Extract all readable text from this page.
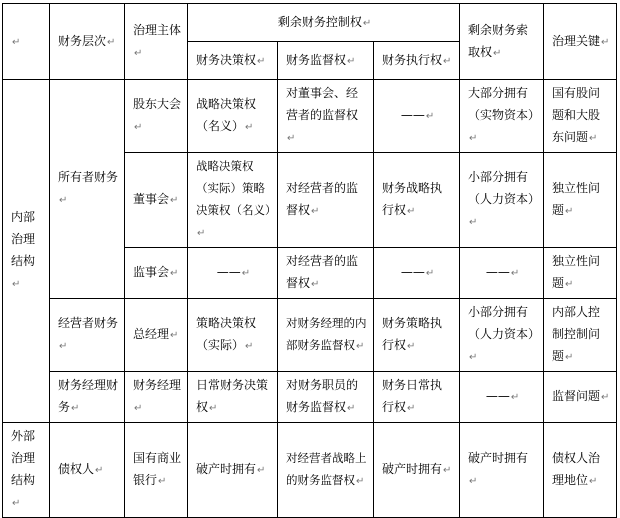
↵	财务层次 ↵	治理主体 ↵	剩余财务控制权 ↵			剩余财务索取权 ↵	治理关键 ↵
			财务决策权 ↵	财务监督权 ↵	财务执行权 ↵
内部治理结构 ↵	所有者财务 ↵	股东大会 ↵	战略决策权（名义） ↵	对董事会、经营者的监督权 ↵	—— ↵	大部分拥有（实物资本） ↵	国有股问题和大股东问题 ↵
		董事会 ↵	战略决策权（实际）策略决策权（名义） ↵	对经营者的监督权 ↵	财务战略执行权 ↵	小部分拥有（人力资本） ↵	独立性问题 ↵
		监事会 ↵	—— ↵	对经营者的监督权 ↵	—— ↵	—— ↵	独立性问题 ↵
	经营者财务 ↵	总经理 ↵	策略决策权（实际） ↵	对财务经理的内部财务监督权 ↵	财务策略执行权 ↵	小部分拥有（人力资本） ↵	内部人控制控制问题 ↵
	财务经理财务 ↵	财务经理 ↵	日常财务决策权 ↵	对财务职员的财务监督权 ↵	财务日常执行权 ↵	—— ↵	监督问题 ↵
外部治理结构 ↵	债权人 ↵	国有商业银行 ↵	破产时拥有 ↵	对经营者战略上的财务监督权 ↵	破产时拥有 ↵	破产时拥有 ↵	债权人治理地位 ↵
